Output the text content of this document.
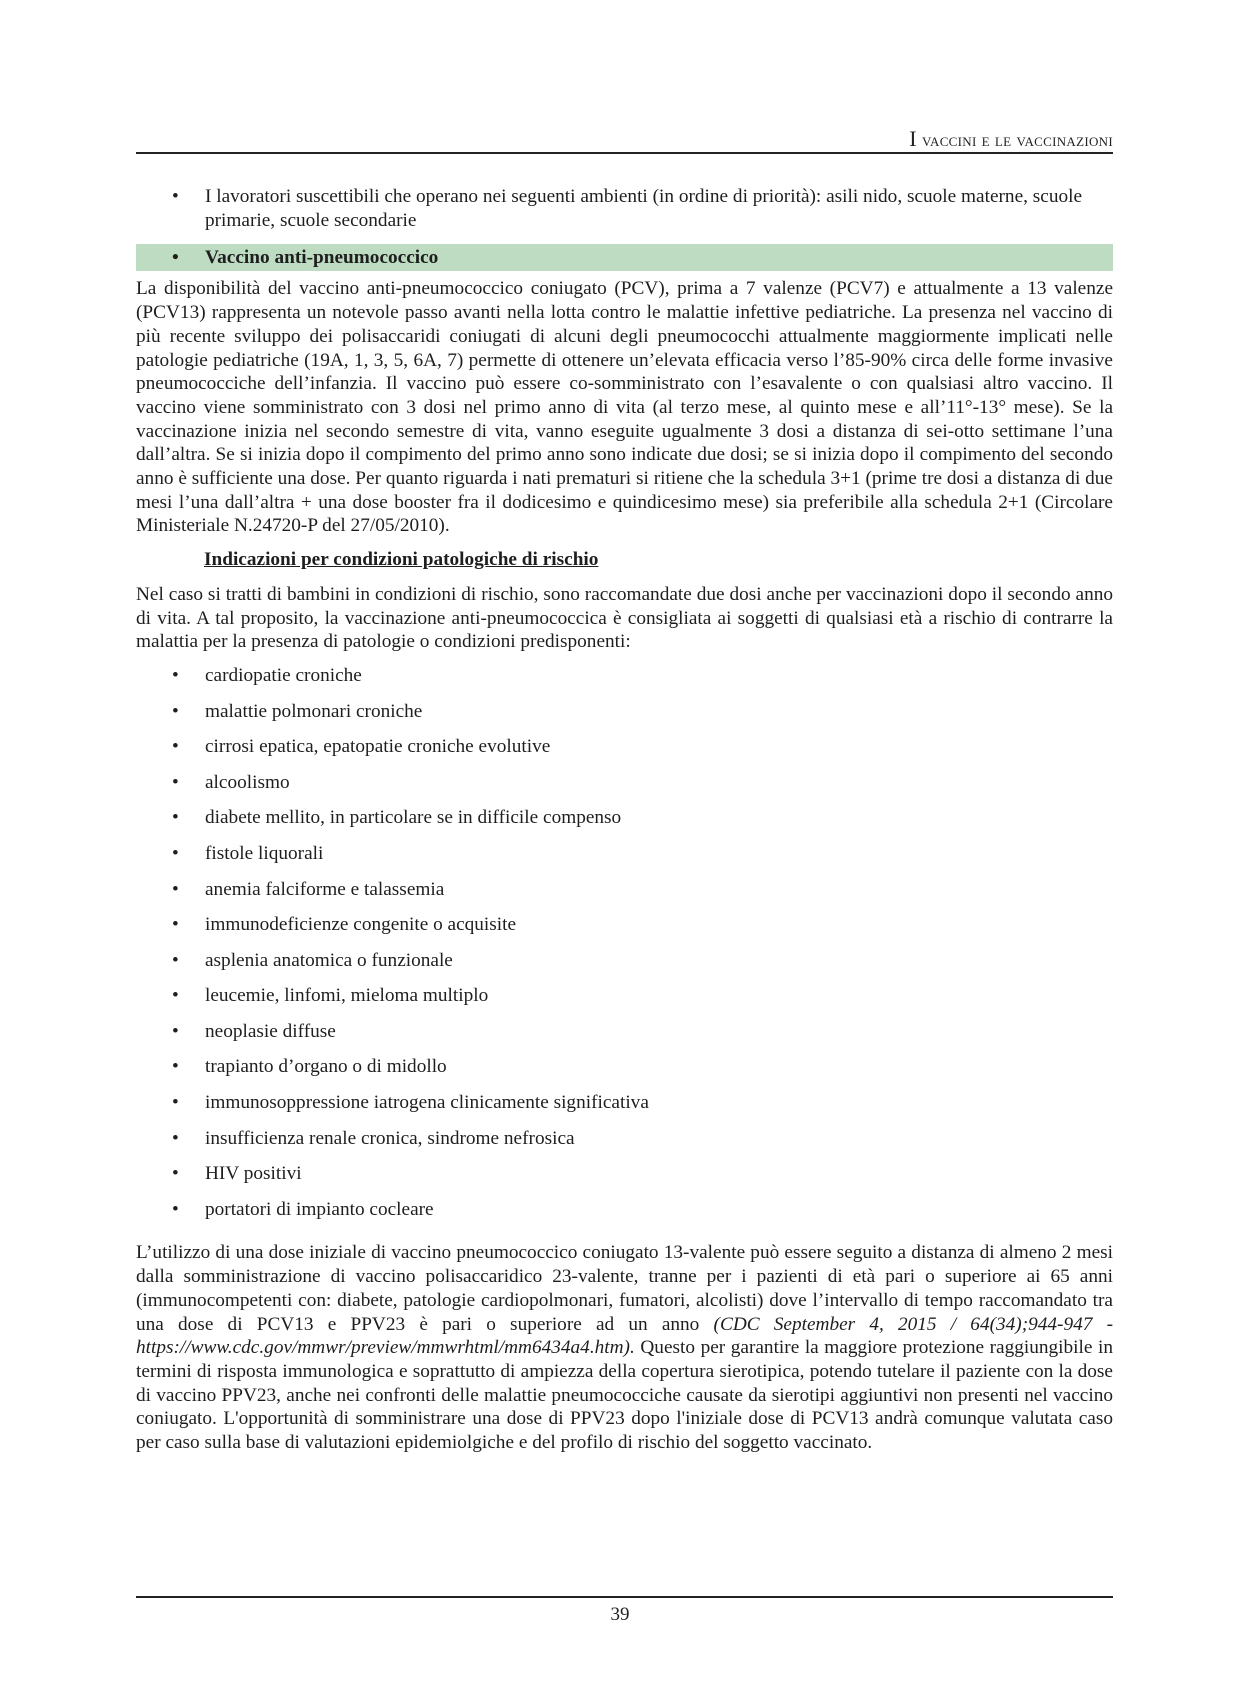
I vaccini e le vaccinazioni
• I lavoratori suscettibili che operano nei seguenti ambienti (in ordine di priorità): asili nido, scuole materne, scuole primarie, scuole secondarie
• Vaccino anti-pneumococcico

La disponibilità del vaccino anti-pneumococcico coniugato (PCV), prima a 7 valenze (PCV7) e attualmente a 13 valenze (PCV13) rappresenta un notevole passo avanti nella lotta contro le malattie infettive pediatriche. La presenza nel vaccino di più recente sviluppo dei polisaccaridi coniugati di alcuni degli pneumococchi attualmente maggiormente implicati nelle patologie pediatriche (19A, 1, 3, 5, 6A, 7) permette di ottenere un’elevata efficacia verso l’85-90% circa delle forme invasive pneumococciche dell’infanzia. Il vaccino può essere co-somministrato con l’esavalente o con qualsiasi altro vaccino. Il vaccino viene somministrato con 3 dosi nel primo anno di vita (al terzo mese, al quinto mese e all’11°-13° mese). Se la vaccinazione inizia nel secondo semestre di vita, vanno eseguite ugualmente 3 dosi a distanza di sei-otto settimane l’una dall’altra. Se si inizia dopo il compimento del primo anno sono indicate due dosi; se si inizia dopo il compimento del secondo anno è sufficiente una dose. Per quanto riguarda i nati prematuri si ritiene che la schedula 3+1 (prime tre dosi a distanza di due mesi l’una dall’altra + una dose booster fra il dodicesimo e quindicesimo mese) sia preferibile alla schedula 2+1 (Circolare Ministeriale N.24720-P del 27/05/2010).

Indicazioni per condizioni patologiche di rischio

Nel caso si tratti di bambini in condizioni di rischio, sono raccomandate due dosi anche per vaccinazioni dopo il secondo anno di vita. A tal proposito, la vaccinazione anti-pneumococcica è consigliata ai soggetti di qualsiasi età a rischio di contrarre la malattia per la presenza di patologie o condizioni predisponenti:

• cardiopatie croniche
• malattie polmonari croniche
• cirrosi epatica, epatopatie croniche evolutive
• alcoolismo
• diabete mellito, in particolare se in difficile compenso
• fistole liquorali
• anemia falciforme e talassemia
• immunodeficienze congenite o acquisite
• asplenia anatomica o funzionale
• leucemie, linfomi, mieloma multiplo
• neoplasie diffuse
• trapianto d’organo o di midollo
• immunosoppressione iatrogena clinicamente significativa
• insufficienza renale cronica, sindrome nefrosica
• HIV positivi
• portatori di impianto cocleare

L’utilizzo di una dose iniziale di vaccino pneumococcico coniugato 13-valente può essere seguito a distanza di almeno 2 mesi dalla somministrazione di vaccino polisaccaridico 23-valente, tranne per i pazienti di età pari o superiore ai 65 anni (immunocompetenti con: diabete, patologie cardiopolmonari, fumatori, alcolisti) dove l’intervallo di tempo raccomandato tra una dose di PCV13 e PPV23 è pari o superiore ad un anno (CDC September 4, 2015 / 64(34);944-947 - https://www.cdc.gov/mmwr/preview/mmwrhtml/mm6434a4.htm). Questo per garantire la maggiore protezione raggiungibile in termini di risposta immunologica e soprattutto di ampiezza della copertura sierotipica, potendo tutelare il paziente con la dose di vaccino PPV23, anche nei confronti delle malattie pneumococciche causate da sierotipi aggiuntivi non presenti nel vaccino coniugato. L'opportunità di somministrare una dose di PPV23 dopo l'iniziale dose di PCV13 andrà comunque valutata caso per caso sulla base di valutazioni epidemiolgiche e del profilo di rischio del soggetto vaccinato.

39
